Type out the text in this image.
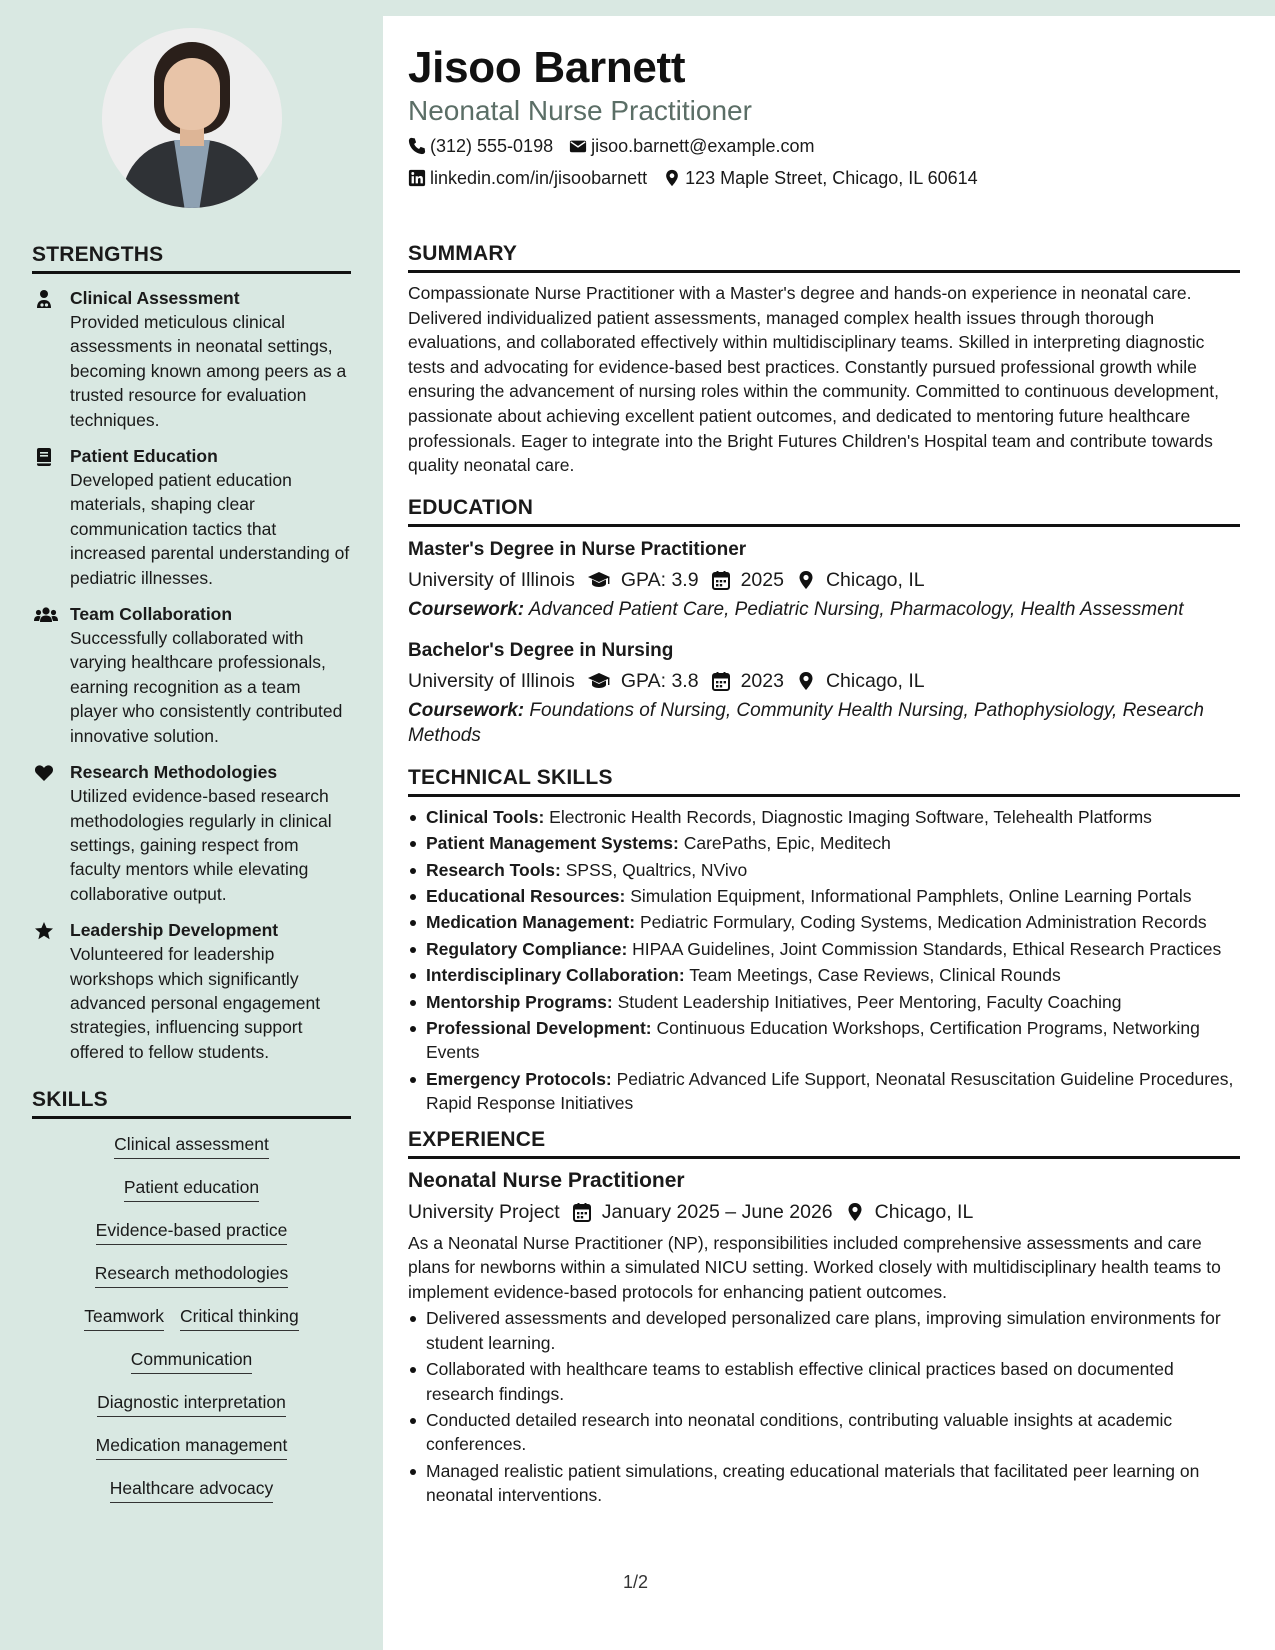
STRENGTHS
Clinical Assessment
Provided meticulous clinical assessments in neonatal settings, becoming known among peers as a trusted resource for evaluation techniques.
Patient Education
Developed patient education materials, shaping clear communication tactics that increased parental understanding of pediatric illnesses.
Team Collaboration
Successfully collaborated with varying healthcare professionals, earning recognition as a team player who consistently contributed innovative solution.
Research Methodologies
Utilized evidence-based research methodologies regularly in clinical settings, gaining respect from faculty mentors while elevating collaborative output.
Leadership Development
Volunteered for leadership workshops which significantly advanced personal engagement strategies, influencing support offered to fellow students.
SKILLS
Clinical assessment
Patient education
Evidence-based practice
Research methodologies
Teamwork Critical thinking
Communication
Diagnostic interpretation
Medication management
Healthcare advocacy
Jisoo Barnett
Neonatal Nurse Practitioner
(312) 555-0198 jisoo.barnett@example.com
linkedin.com/in/jisoobarnett 123 Maple Street, Chicago, IL 60614
SUMMARY

Compassionate Nurse Practitioner with a Master's degree and hands-on experience in neonatal care. Delivered individualized patient assessments, managed complex health issues through thorough evaluations, and collaborated effectively within multidisciplinary teams. Skilled in interpreting diagnostic tests and advocating for evidence-based best practices. Constantly pursued professional growth while ensuring the advancement of nursing roles within the community. Committed to continuous development, passionate about achieving excellent patient outcomes, and dedicated to mentoring future healthcare professionals. Eager to integrate into the Bright Futures Children's Hospital team and contribute towards quality neonatal care.

EDUCATION
Master's Degree in Nurse Practitioner
University of Illinois GPA: 3.9 2025 Chicago, IL
Coursework: Advanced Patient Care, Pediatric Nursing, Pharmacology, Health Assessment
Bachelor's Degree in Nursing
University of Illinois GPA: 3.8 2023 Chicago, IL
Coursework: Foundations of Nursing, Community Health Nursing, Pathophysiology, Research Methods
TECHNICAL SKILLS
Clinical Tools: Electronic Health Records, Diagnostic Imaging Software, Telehealth Platforms
Patient Management Systems: CarePaths, Epic, Meditech
Research Tools: SPSS, Qualtrics, NVivo
Educational Resources: Simulation Equipment, Informational Pamphlets, Online Learning Portals
Medication Management: Pediatric Formulary, Coding Systems, Medication Administration Records
Regulatory Compliance: HIPAA Guidelines, Joint Commission Standards, Ethical Research Practices
Interdisciplinary Collaboration: Team Meetings, Case Reviews, Clinical Rounds
Mentorship Programs: Student Leadership Initiatives, Peer Mentoring, Faculty Coaching
Professional Development: Continuous Education Workshops, Certification Programs, Networking Events
Emergency Protocols: Pediatric Advanced Life Support, Neonatal Resuscitation Guideline Procedures, Rapid Response Initiatives
EXPERIENCE
Neonatal Nurse Practitioner
University Project January 2025 – June 2026 Chicago, IL

As a Neonatal Nurse Practitioner (NP), responsibilities included comprehensive assessments and care plans for newborns within a simulated NICU setting. Worked closely with multidisciplinary health teams to implement evidence-based protocols for enhancing patient outcomes.

Delivered assessments and developed personalized care plans, improving simulation environments for student learning.
Collaborated with healthcare teams to establish effective clinical practices based on documented research findings.
Conducted detailed research into neonatal conditions, contributing valuable insights at academic conferences.
Managed realistic patient simulations, creating educational materials that facilitated peer learning on neonatal interventions.
1/2
